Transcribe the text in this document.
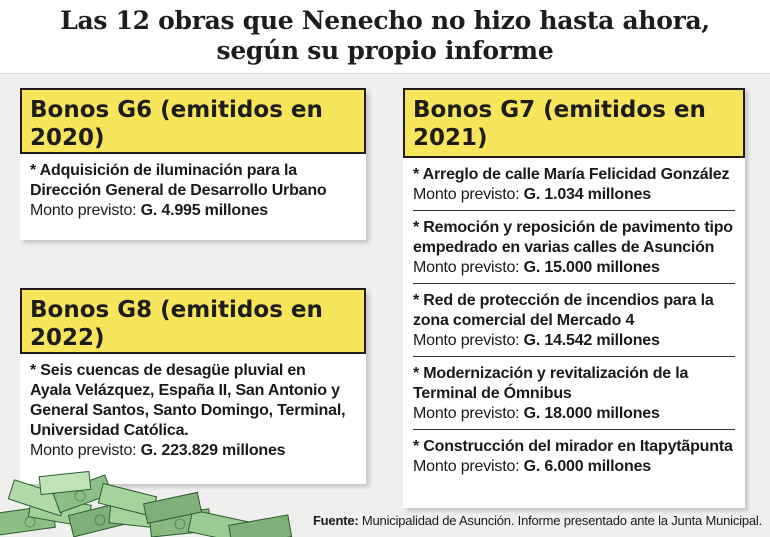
Las 12 obras que Nenecho no hizo hasta ahora,
según su propio informe
Bonos G6 (emitidos en
2020)
* Adquisición de iluminación para la
Dirección General de Desarrollo Urbano
Monto previsto: G. 4.995 millones
Bonos G8 (emitidos en
2022)
* Seis cuencas de desagüe pluvial en
Ayala Velázquez, España II, San Antonio y
General Santos, Santo Domingo, Terminal,
Universidad Católica.
Monto previsto: G. 223.829 millones
Bonos G7 (emitidos en
2021)
* Arreglo de calle María Felicidad González
Monto previsto: G. 1.034 millones
* Remoción y reposición de pavimento tipo
empedrado en varias calles de Asunción
Monto previsto: G. 15.000 millones
* Red de protección de incendios para la
zona comercial del Mercado 4
Monto previsto: G. 14.542 millones
* Modernización y revitalización de la
Terminal de Ómnibus
Monto previsto: G. 18.000 millones
* Construcción del mirador en Itapytãpunta
Monto previsto: G. 6.000 millones
Fuente: Municipalidad de Asunción. Informe presentado ante la Junta Municipal.
